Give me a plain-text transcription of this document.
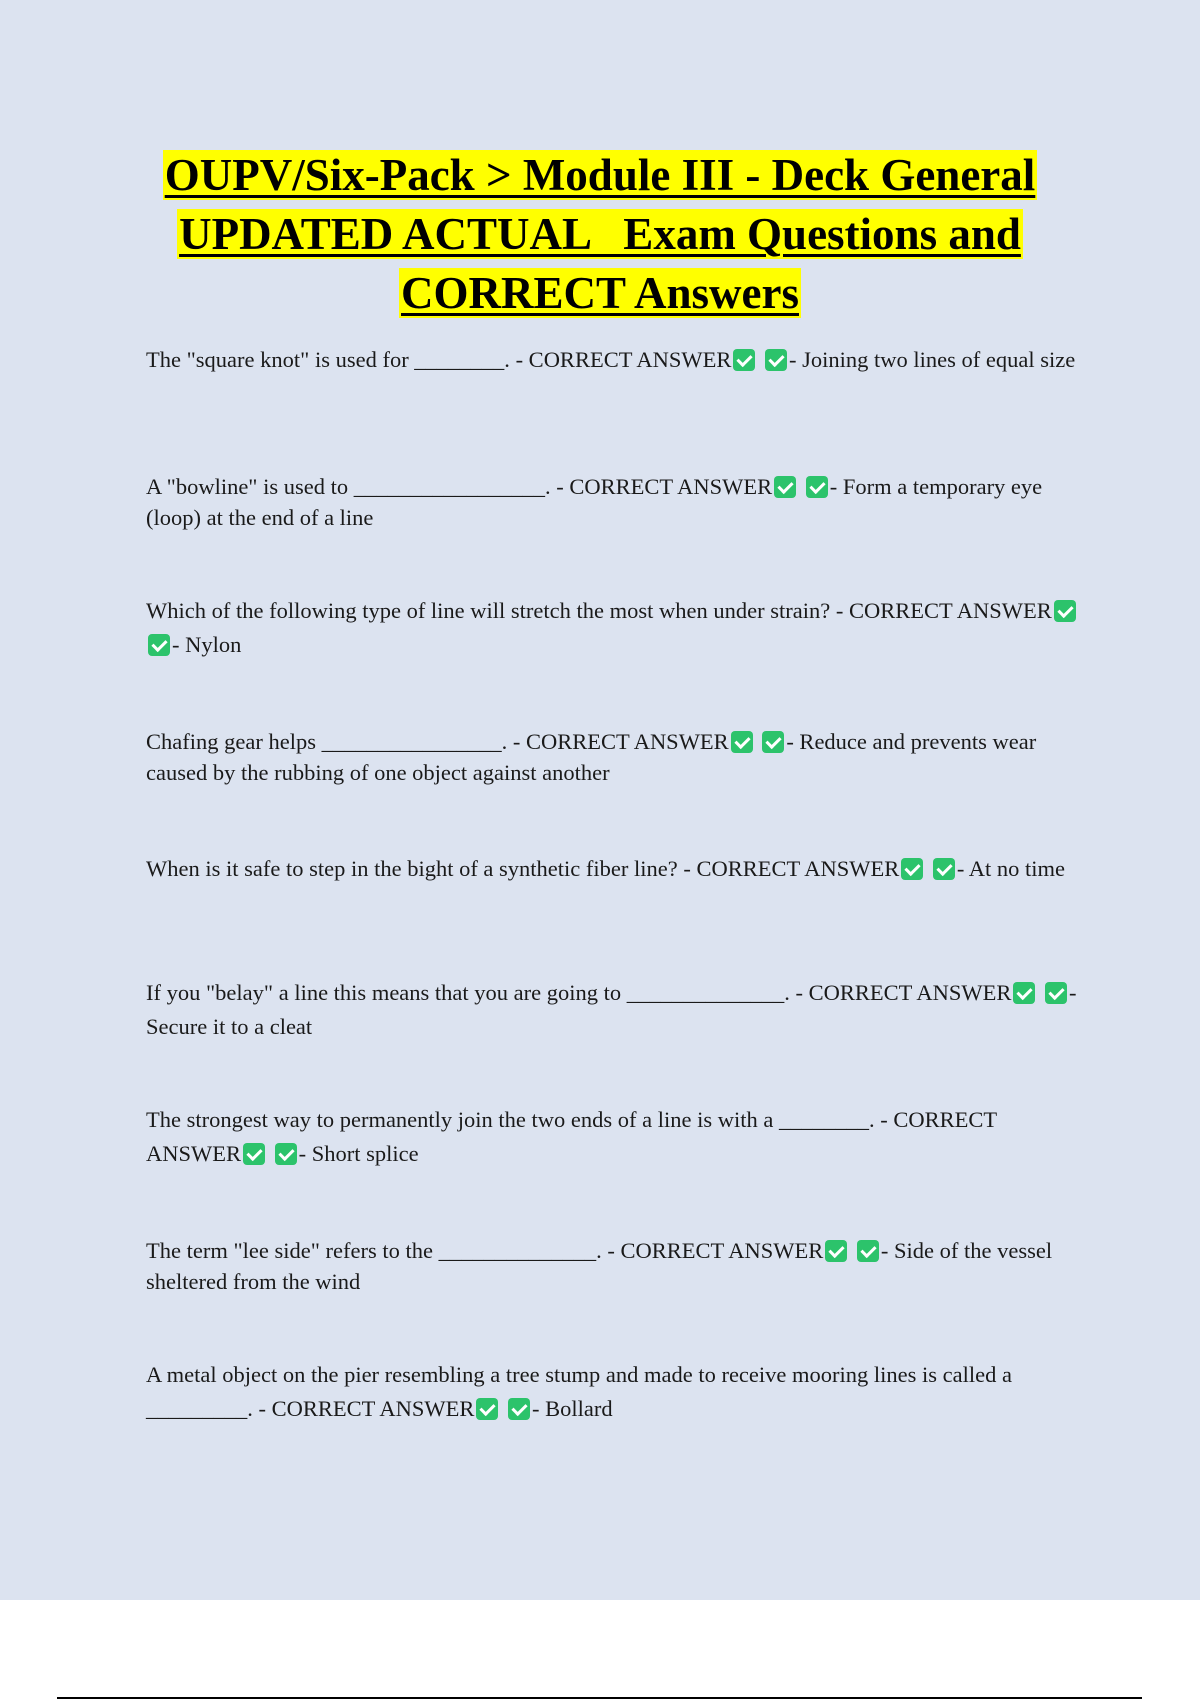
OUPV/Six-Pack > Module III - Deck General
UPDATED ACTUAL   Exam Questions and
CORRECT Answers

The "square knot" is used for ________. - CORRECT ANSWER	- Joining two lines of equal size

A "bowline" is used to _________________. - CORRECT ANSWER	- Form a temporary eye (loop) at the end of a line

Which of the following type of line will stretch the most when under strain? - CORRECT ANSWER - Nylon

Chafing gear helps ________________. - CORRECT ANSWER	- Reduce and prevents wear caused by the rubbing of one object against another

When is it safe to step in the bight of a synthetic fiber line? - CORRECT ANSWER	- At no time

If you "belay" a line this means that you are going to ______________. - CORRECT ANSWER	- Secure it to a cleat

The strongest way to permanently join the two ends of a line is with a ________. - CORRECT ANSWER	- Short splice

The term "lee side" refers to the ______________. - CORRECT ANSWER	- Side of the vessel sheltered from the wind

A metal object on the pier resembling a tree stump and made to receive mooring lines is called a _________. - CORRECT ANSWER	- Bollard
